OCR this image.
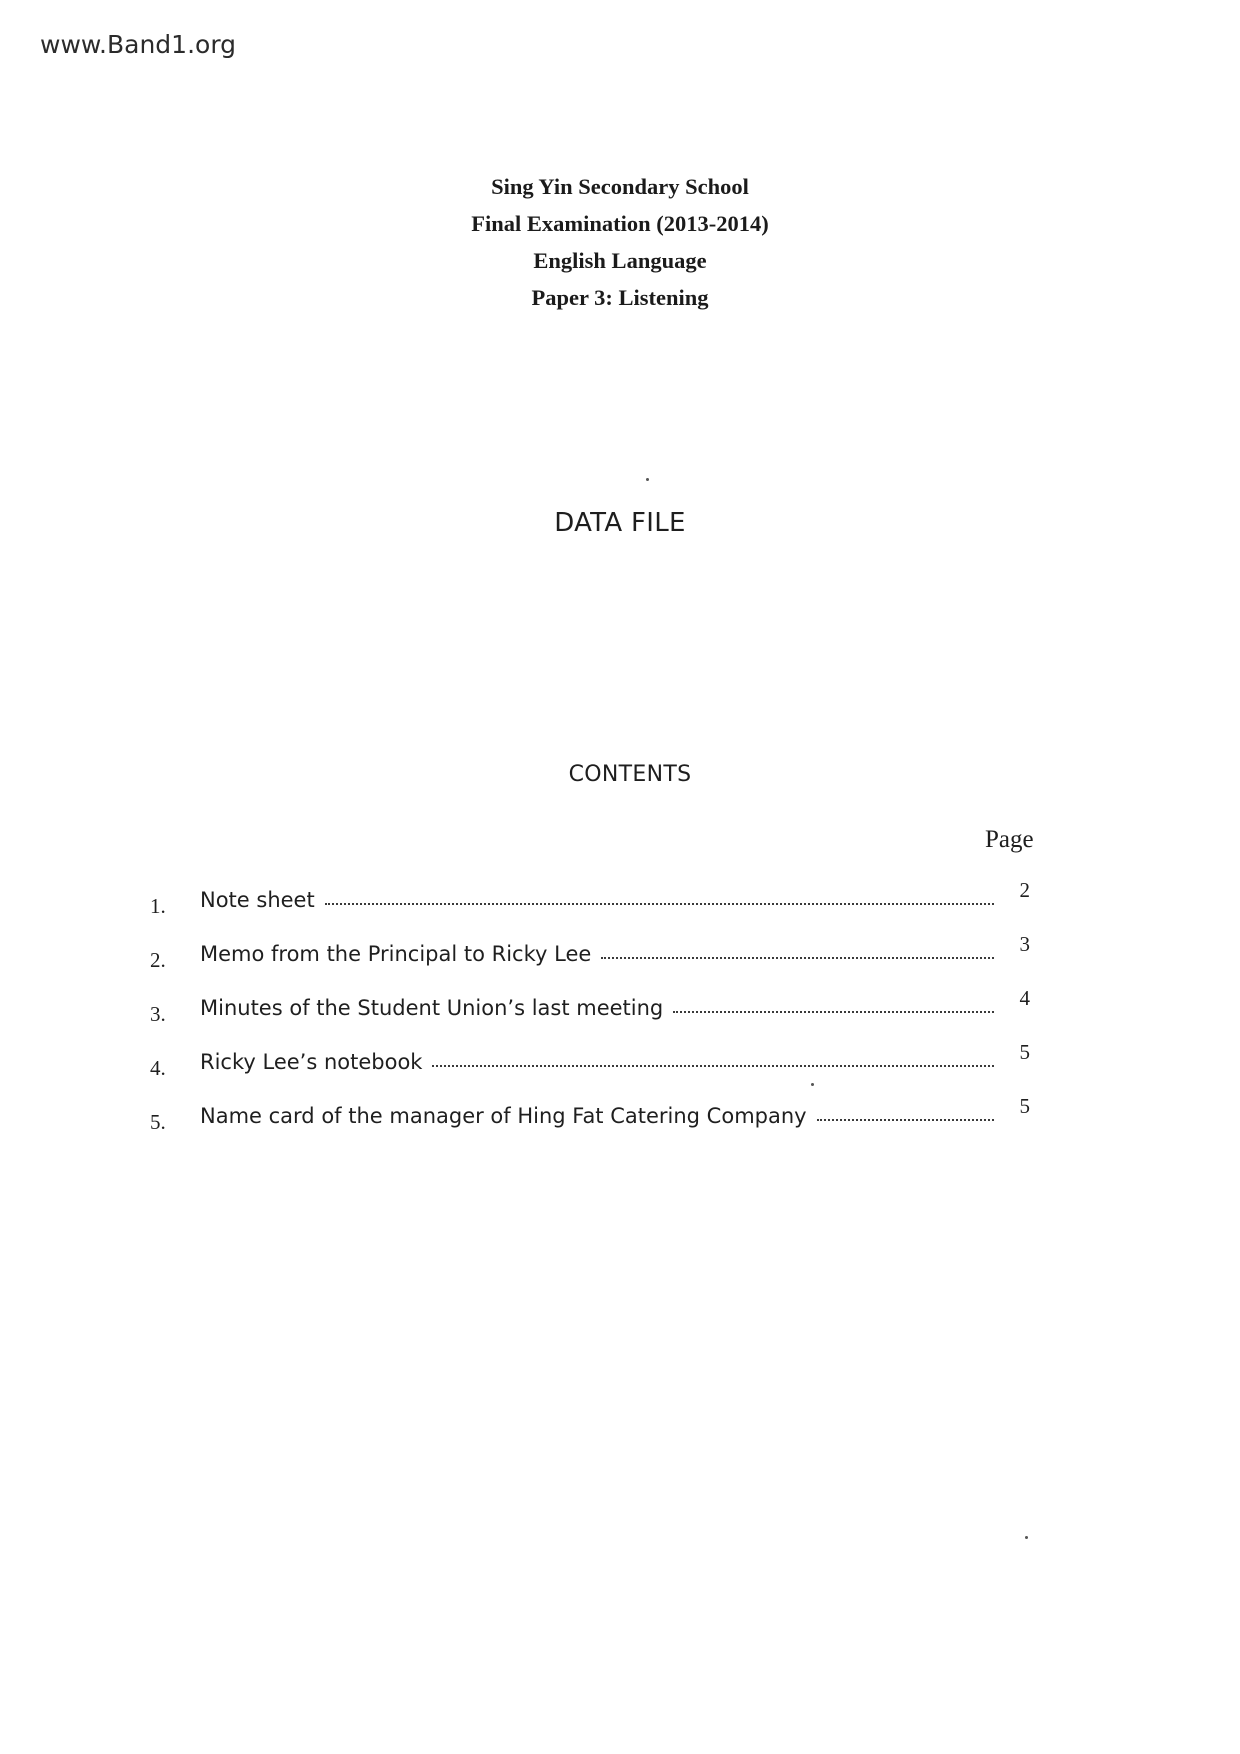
www.Band1.org
Sing Yin Secondary School
Final Examination (2013-2014)
English Language
Paper 3: Listening
DATA FILE
CONTENTS
Page
1. Note sheet	2
2. Memo from the Principal to Ricky Lee	3
3. Minutes of the Student Union’s last meeting	4
4. Ricky Lee’s notebook	5
5. Name card of the manager of Hing Fat Catering Company	5
